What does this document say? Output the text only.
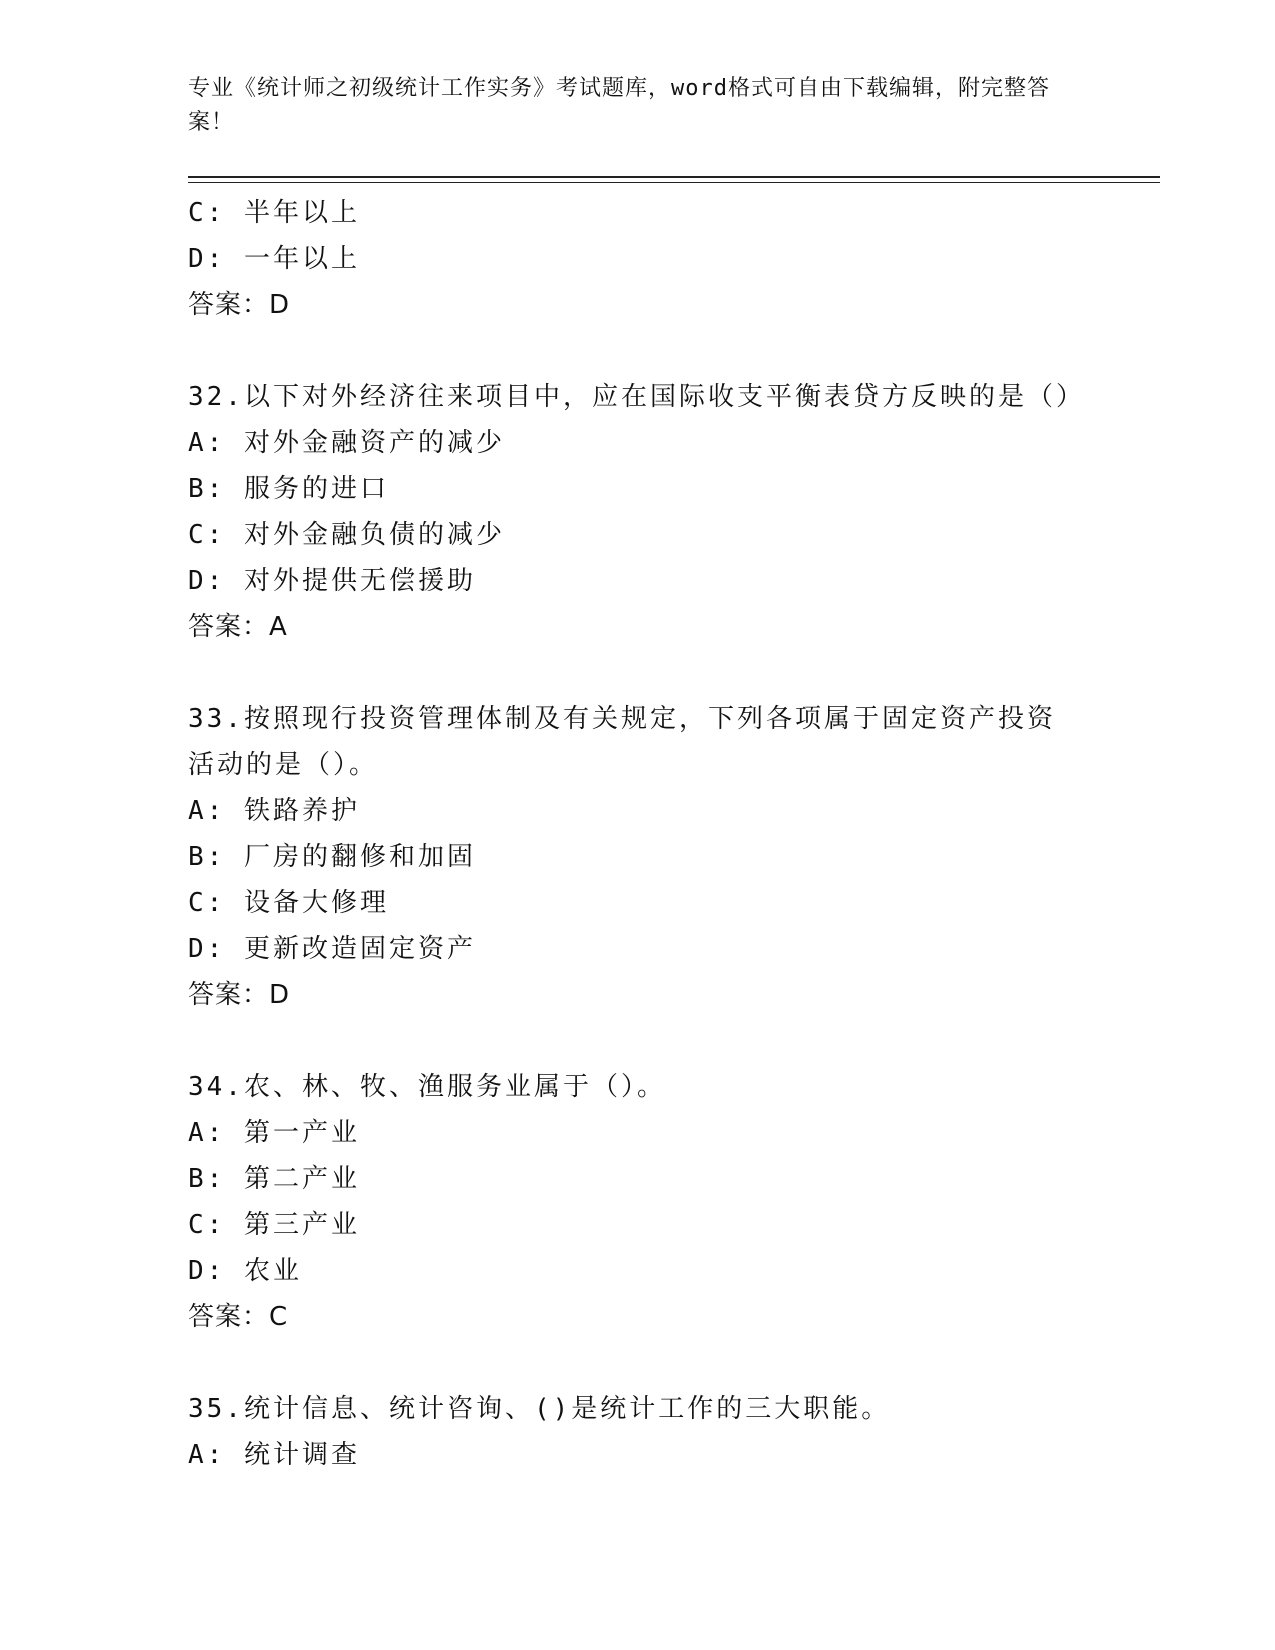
专业《统计师之初级统计工作实务》考试题库，word格式可自由下载编辑，附完整答案！
C: 半年以上
D: 一年以上
答案：D
32.以下对外经济往来项目中，应在国际收支平衡表贷方反映的是（）
A: 对外金融资产的减少
B: 服务的进口
C: 对外金融负债的减少
D: 对外提供无偿援助
答案：A
33.按照现行投资管理体制及有关规定，下列各项属于固定资产投资活动的是（）。
A: 铁路养护
B: 厂房的翻修和加固
C: 设备大修理
D: 更新改造固定资产
答案：D
34.农、林、牧、渔服务业属于（）。
A: 第一产业
B: 第二产业
C: 第三产业
D: 农业
答案：C
35.统计信息、统计咨询、()是统计工作的三大职能。
A: 统计调查
